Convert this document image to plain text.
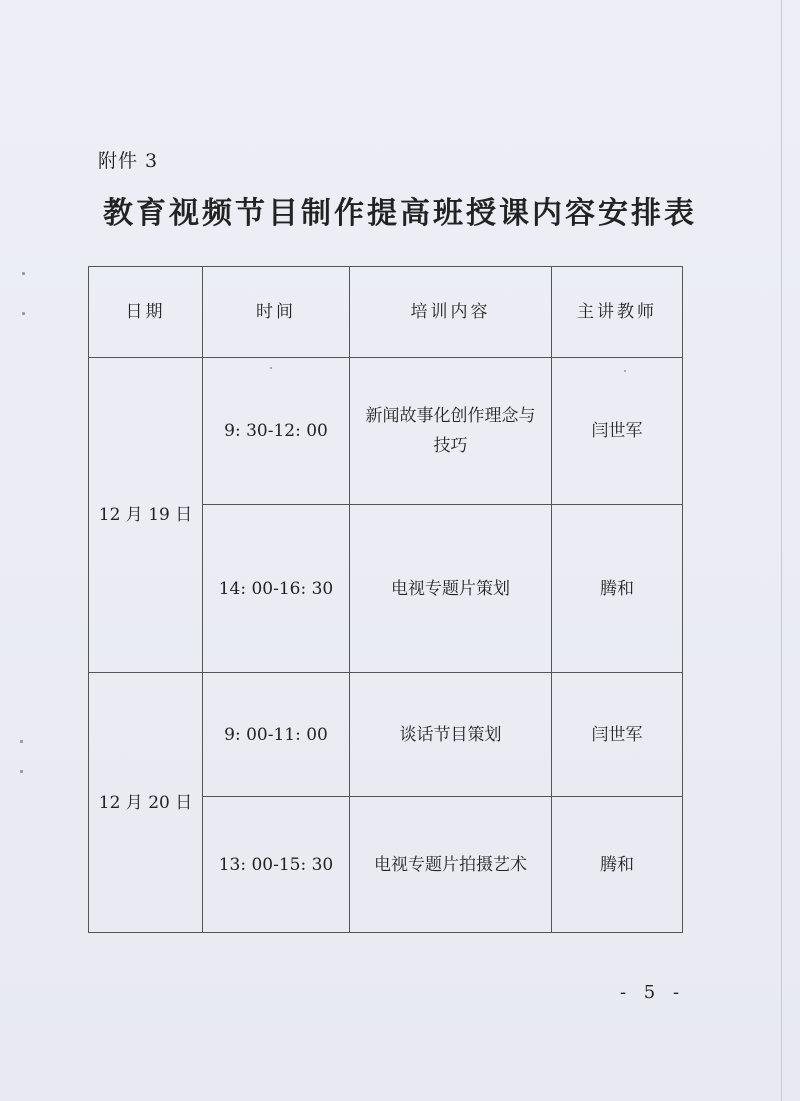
附件 3
教育视频节目制作提高班授课内容安排表
日期	时间	培训内容	主讲教师
12 月 19 日	9: 30-12: 00	新闻故事化创作理念与技巧	闫世军
	14: 00-16: 30	电视专题片策划	腾和
12 月 20 日	9: 00-11: 00	谈话节目策划	闫世军
	13: 00-15: 30	电视专题片拍摄艺术	腾和
- 5 -
